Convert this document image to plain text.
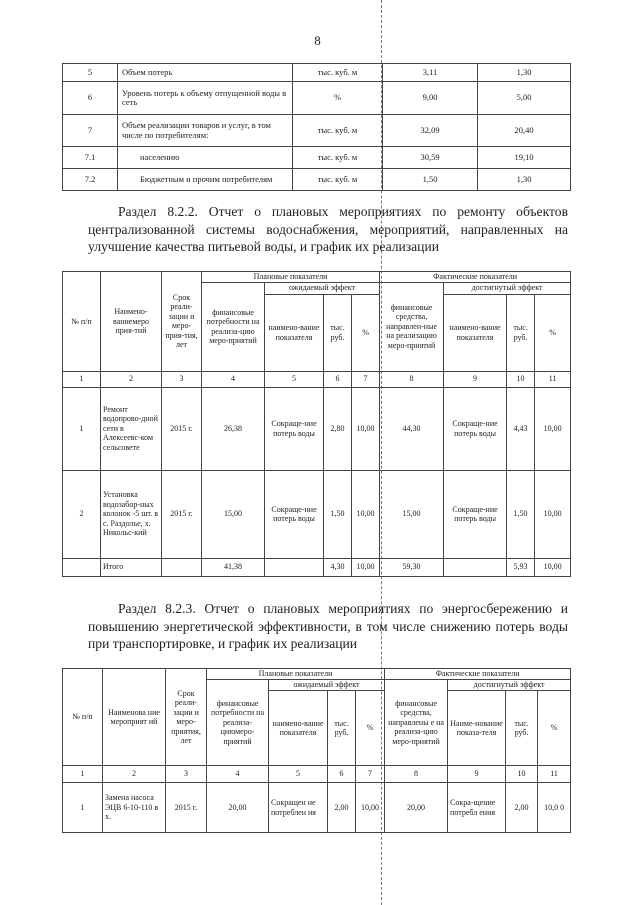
8
5	Объем потерь	тыс. куб. м	3,11	1,30
6	Уровень потерь к объему отпущенной воды в сеть	%	9,00	5,00
7	Объем реализации товаров и услуг, в том числе по потребителям:	тыс. куб. м	32,09	20,40
7.1	населению	тыс. куб. м	30,59	19,10
7.2	Бюджетным и прочим потребителям	тыс. куб. м	1,50	1,30

Раздел 8.2.2. Отчет о плановых мероприятиях по ремонту объектов централизованной системы водоснабжения, мероприятий, направленных на улучшение качества питьевой воды, и график их реализации

№ п/п	Наимено-ваниемеро прия-тий	Срок реали-зации и меро-прия-тия, лет	Плановые показатели				Фактические показатели			
			финансовые потребности на реализа-цию меро-приятий	ожидаемый эффект			финансовые средства, направлен-ные на реализацию меро-приятий	достигнутый эффект		
				наимено-вание показателя	тыс. руб.	%		наимено-вание показателя	тыс. руб.	%
1	2	3	4	5	6	7	8	9	10	11
1	Ремонт водопрово-дной сети в Алексеевс-ком сельсовете	2015 г.	26,38	Сокраще-ние потерь воды	2,80	10,00	44,30	Сокраще-ние потерь воды	4,43	10,00
2	Установка водозабор-ных колонок -5 шт. в с. Раздолье, х. Никольс-кий	2015 г.	15,00	Сокраще-ние потерь воды	1,50	10,00	15,00	Сокраще-ние потерь воды	1,50	10,00
	Итого		41,38		4,30	10,00	59,30		5,93	10,00

Раздел 8.2.3. Отчет о плановых мероприятиях по энергосбережению и повышению энергетической эффективности, в том числе снижению потерь воды при транспортировке, и график их реализации

№ п/п	Наименова ние мероприят ий	Срок реали-зации и меро-приятия, лет	Плановые показатели				Фактические показатели			
			финансовые потребности на реализа-циюмеро-приятий	ожидаемый эффект			финансовые средства, направлены е на реализа-цию меро-приятий	достигнутый эффект		
				наимено-вание показателя	тыс. руб.	%		Наиме-нование показа-теля	тыс. руб.	%
1	2	3	4	5	6	7	8	9	10	11
1	Замена насоса ЭЦВ 6-10-110 в х.	2015 г.	20,00	Сокращен ие потреблен ия	2,00	10,00	20,00	Сокра-щение потребл ения	2,00	10,0 0
